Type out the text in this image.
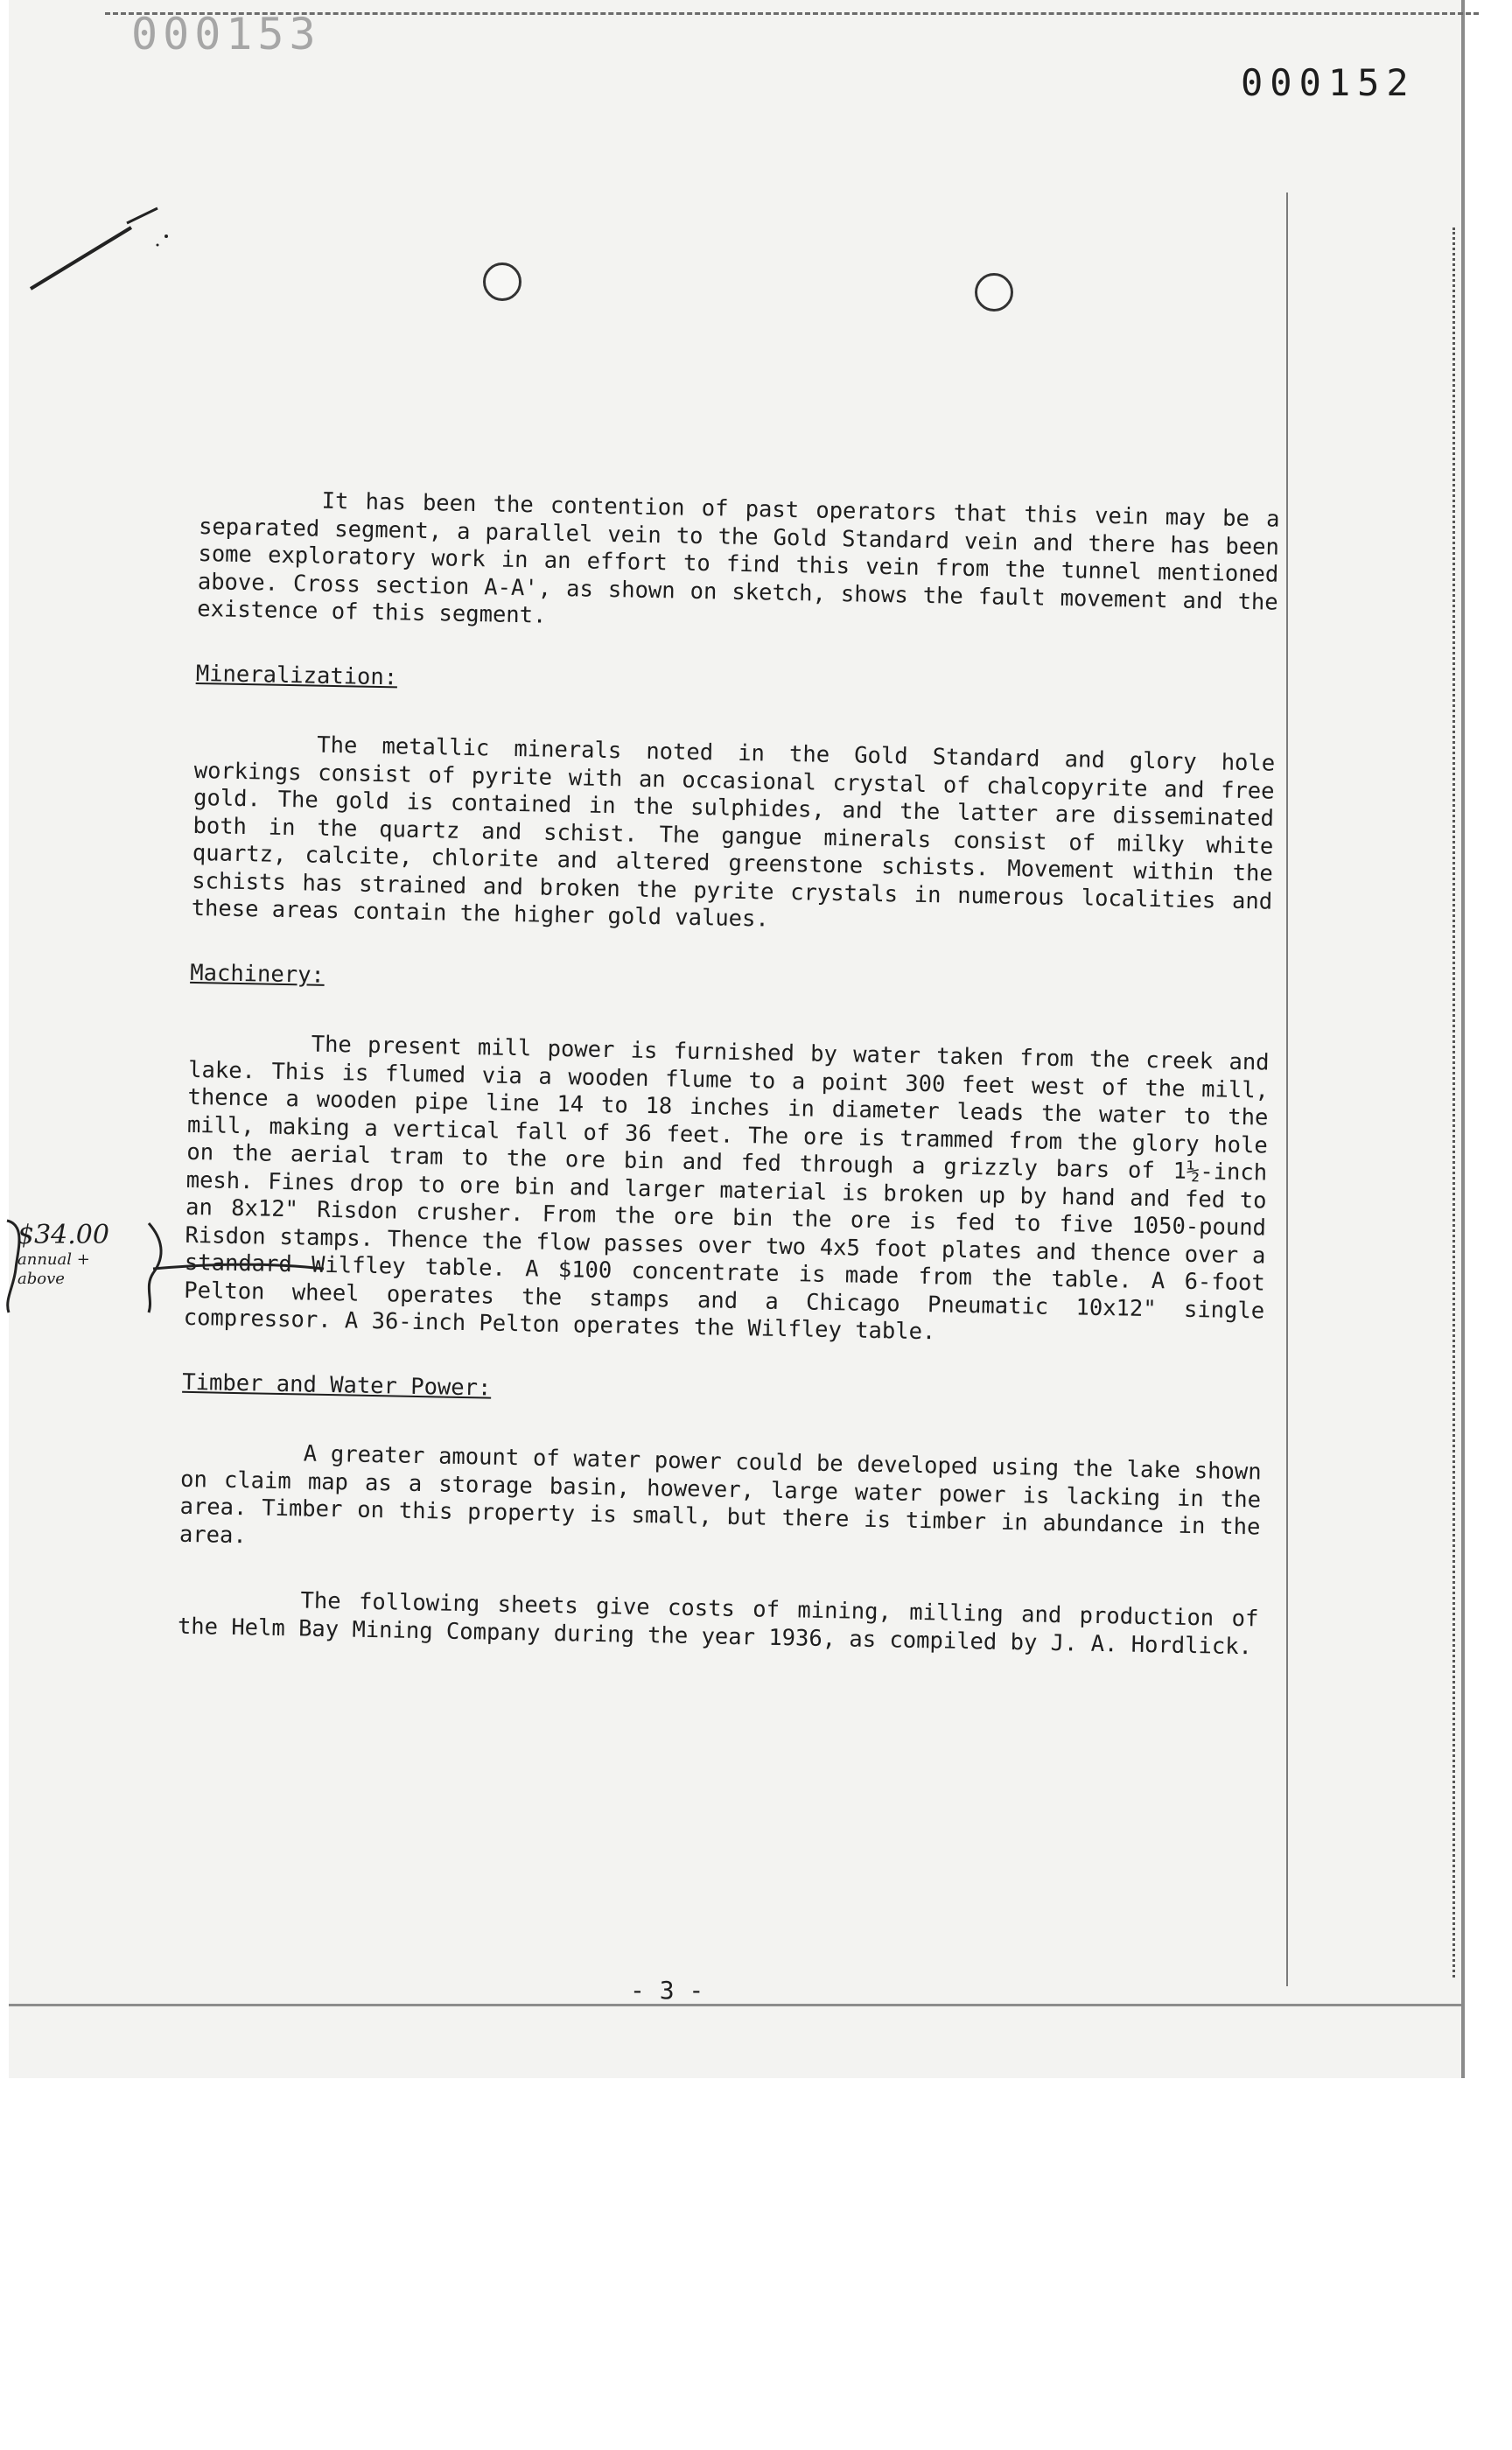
000153
000152

It has been the contention of past operators that this vein may be a separated segment, a parallel vein to the Gold Standard vein and there has been some exploratory work in an effort to find this vein from the tunnel mentioned above. Cross section A-A', as shown on sketch, shows the fault movement and the existence of this segment.

Mineralization:

The metallic minerals noted in the Gold Standard and glory hole workings consist of pyrite with an occasional crystal of chalcopyrite and free gold. The gold is contained in the sulphides, and the latter are disseminated both in the quartz and schist. The gangue minerals consist of milky white quartz, calcite, chlorite and altered greenstone schists. Movement within the schists has strained and broken the pyrite crystals in numerous localities and these areas contain the higher gold values.

Machinery:

The present mill power is furnished by water taken from the creek and lake. This is flumed via a wooden flume to a point 300 feet west of the mill, thence a wooden pipe line 14 to 18 inches in diameter leads the water to the mill, making a vertical fall of 36 feet. The ore is trammed from the glory hole on the aerial tram to the ore bin and fed through a grizzly bars of 1½-inch mesh. Fines drop to ore bin and larger material is broken up by hand and fed to an 8x12" Risdon crusher. From the ore bin the ore is fed to five 1050-pound Risdon stamps. Thence the flow passes over two 4x5 foot plates and thence over a standard Wilfley table. A $100 concentrate is made from the table. A 6-foot Pelton wheel operates the stamps and a Chicago Pneumatic 10x12" single compressor. A 36-inch Pelton operates the Wilfley table.

Timber and Water Power:

A greater amount of water power could be developed using the lake shown on claim map as a storage basin, however, large water power is lacking in the area. Timber on this property is small, but there is timber in abundance in the area.

The following sheets give costs of mining, milling and production of the Helm Bay Mining Company during the year 1936, as compiled by J. A. Hordlick.

$34.00
annual +
above
- 3 -
